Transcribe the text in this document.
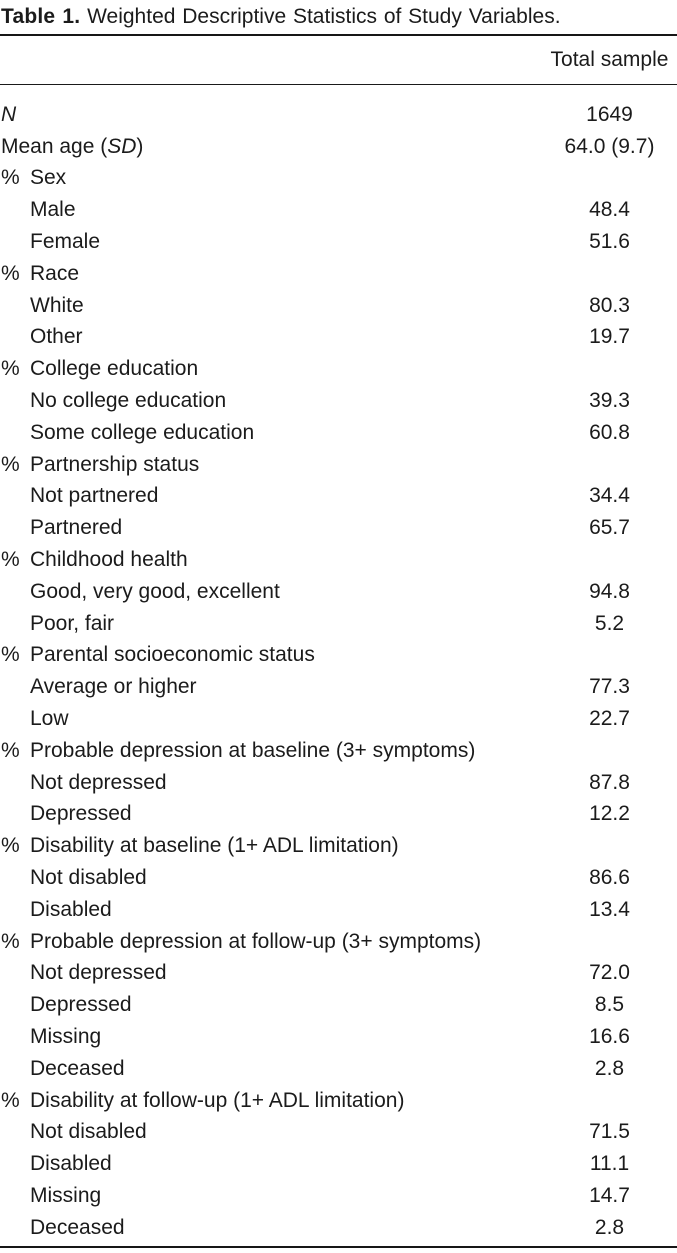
Table 1. Weighted Descriptive Statistics of Study Variables.
Total sample
N	1649
Mean age (SD)	64.0 (9.7)
% Sex
Male	48.4
Female	51.6
% Race
White	80.3
Other	19.7
% College education
No college education	39.3
Some college education	60.8
% Partnership status
Not partnered	34.4
Partnered	65.7
% Childhood health
Good, very good, excellent	94.8
Poor, fair	5.2
% Parental socioeconomic status
Average or higher	77.3
Low	22.7
% Probable depression at baseline (3+ symptoms)
Not depressed	87.8
Depressed	12.2
% Disability at baseline (1+ ADL limitation)
Not disabled	86.6
Disabled	13.4
% Probable depression at follow-up (3+ symptoms)
Not depressed	72.0
Depressed	8.5
Missing	16.6
Deceased	2.8
% Disability at follow-up (1+ ADL limitation)
Not disabled	71.5
Disabled	11.1
Missing	14.7
Deceased	2.8
